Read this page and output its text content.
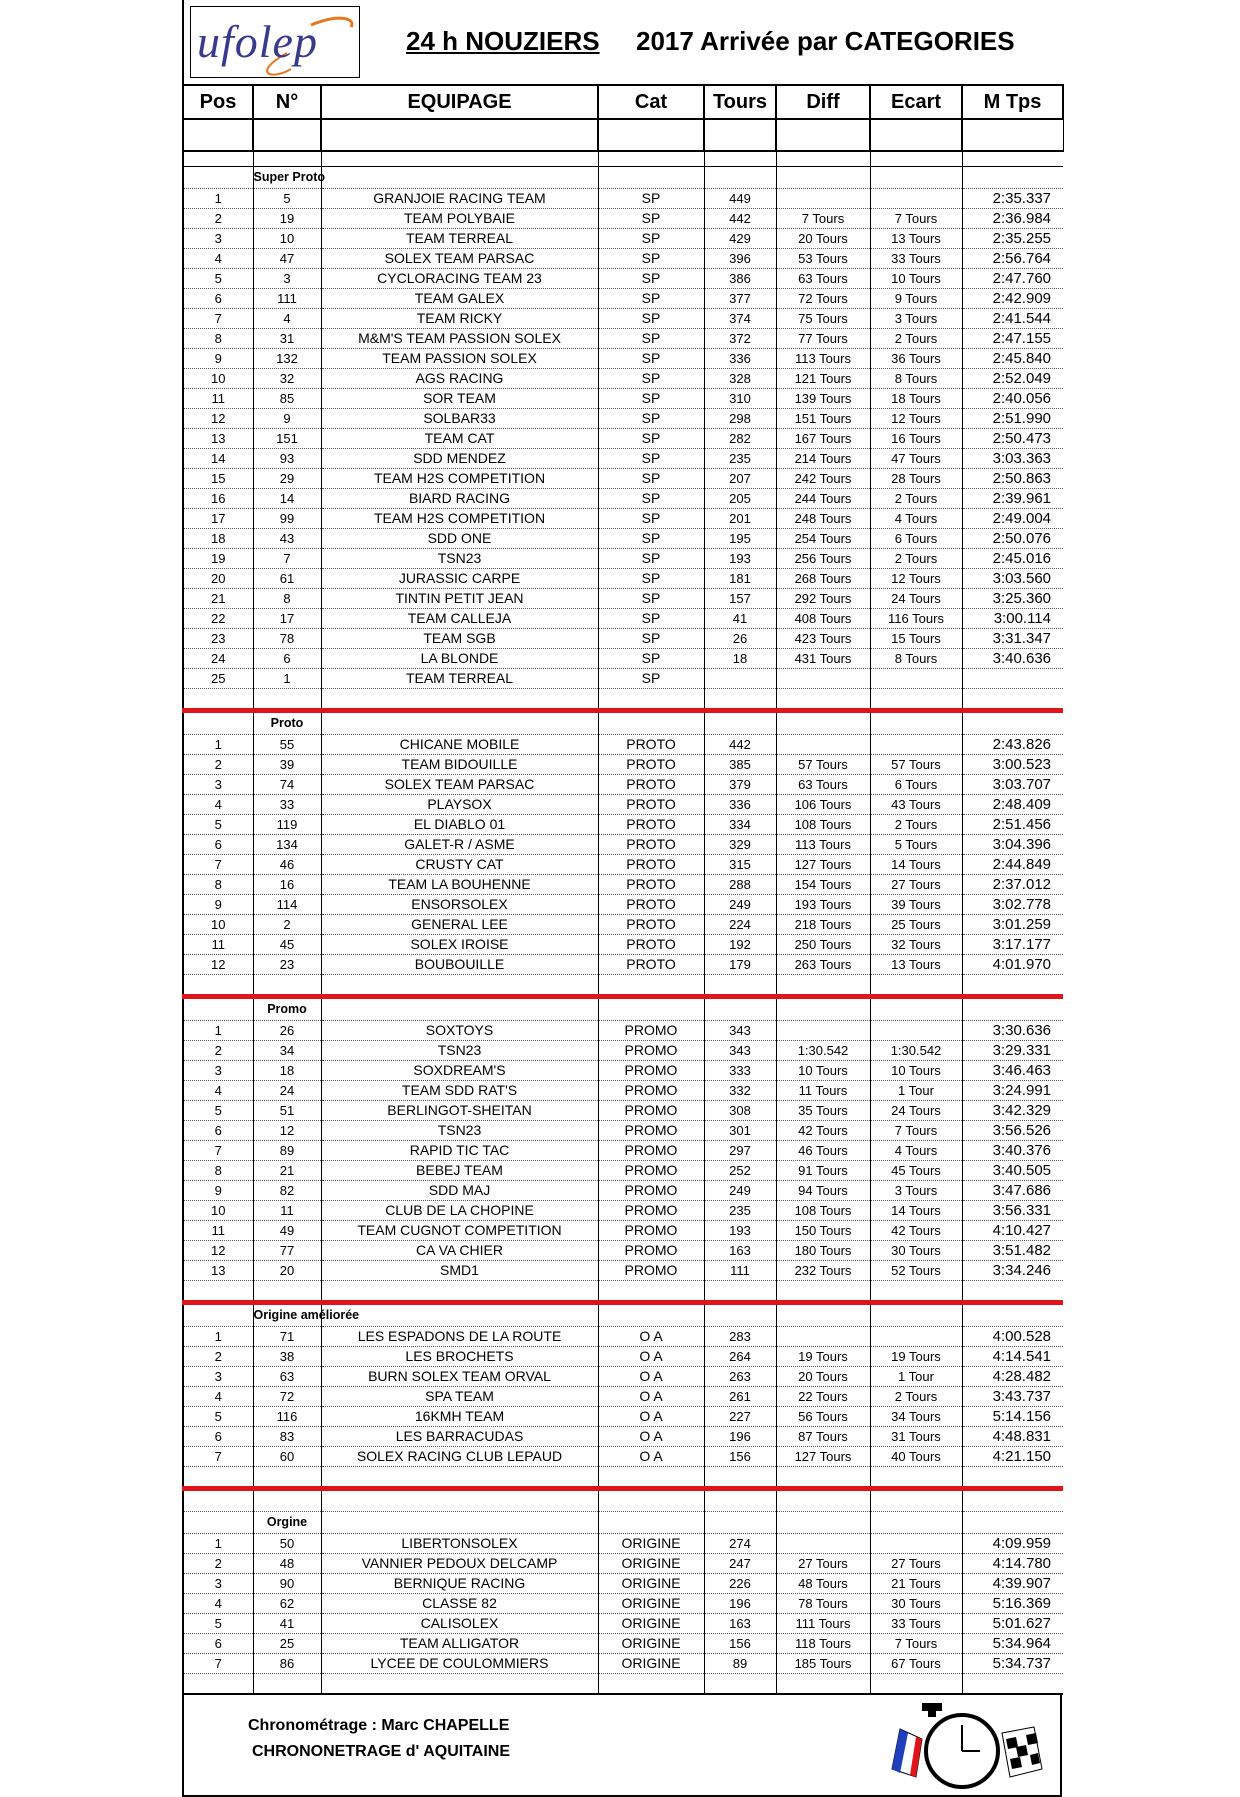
ufolep	24 h NOUZIERS 2017 Arrivée par CATEGORIES
Pos	N°	EQUIPAGE	Cat	Tours	Diff	Ecart	M Tps

	Super Proto						
1	5	GRANJOIE RACING TEAM	SP	449			2:35.337
2	19	TEAM POLYBAIE	SP	442	7 Tours	7 Tours	2:36.984
3	10	TEAM TERREAL	SP	429	20 Tours	13 Tours	2:35.255
4	47	SOLEX TEAM PARSAC	SP	396	53 Tours	33 Tours	2:56.764
5	3	CYCLORACING TEAM 23	SP	386	63 Tours	10 Tours	2:47.760
6	111	TEAM GALEX	SP	377	72 Tours	9 Tours	2:42.909
7	4	TEAM RICKY	SP	374	75 Tours	3 Tours	2:41.544
8	31	M&M'S TEAM PASSION SOLEX	SP	372	77 Tours	2 Tours	2:47.155
9	132	TEAM PASSION SOLEX	SP	336	113 Tours	36 Tours	2:45.840
10	32	AGS RACING	SP	328	121 Tours	8 Tours	2:52.049
11	85	SOR TEAM	SP	310	139 Tours	18 Tours	2:40.056
12	9	SOLBAR33	SP	298	151 Tours	12 Tours	2:51.990
13	151	TEAM CAT	SP	282	167 Tours	16 Tours	2:50.473
14	93	SDD MENDEZ	SP	235	214 Tours	47 Tours	3:03.363
15	29	TEAM H2S COMPETITION	SP	207	242 Tours	28 Tours	2:50.863
16	14	BIARD RACING	SP	205	244 Tours	2 Tours	2:39.961
17	99	TEAM H2S COMPETITION	SP	201	248 Tours	4 Tours	2:49.004
18	43	SDD ONE	SP	195	254 Tours	6 Tours	2:50.076
19	7	TSN23	SP	193	256 Tours	2 Tours	2:45.016
20	61	JURASSIC CARPE	SP	181	268 Tours	12 Tours	3:03.560
21	8	TINTIN PETIT JEAN	SP	157	292 Tours	24 Tours	3:25.360
22	17	TEAM CALLEJA	SP	41	408 Tours	116 Tours	3:00.114
23	78	TEAM SGB	SP	26	423 Tours	15 Tours	3:31.347
24	6	LA BLONDE	SP	18	431 Tours	8 Tours	3:40.636
25	1	TEAM TERREAL	SP				

	Proto						
1	55	CHICANE MOBILE	PROTO	442			2:43.826
2	39	TEAM BIDOUILLE	PROTO	385	57 Tours	57 Tours	3:00.523
3	74	SOLEX TEAM PARSAC	PROTO	379	63 Tours	6 Tours	3:03.707
4	33	PLAYSOX	PROTO	336	106 Tours	43 Tours	2:48.409
5	119	EL DIABLO 01	PROTO	334	108 Tours	2 Tours	2:51.456
6	134	GALET-R / ASME	PROTO	329	113 Tours	5 Tours	3:04.396
7	46	CRUSTY CAT	PROTO	315	127 Tours	14 Tours	2:44.849
8	16	TEAM LA BOUHENNE	PROTO	288	154 Tours	27 Tours	2:37.012
9	114	ENSORSOLEX	PROTO	249	193 Tours	39 Tours	3:02.778
10	2	GENERAL LEE	PROTO	224	218 Tours	25 Tours	3:01.259
11	45	SOLEX IROISE	PROTO	192	250 Tours	32 Tours	3:17.177
12	23	BOUBOUILLE	PROTO	179	263 Tours	13 Tours	4:01.970

	Promo						
1	26	SOXTOYS	PROMO	343			3:30.636
2	34	TSN23	PROMO	343	1:30.542	1:30.542	3:29.331
3	18	SOXDREAM'S	PROMO	333	10 Tours	10 Tours	3:46.463
4	24	TEAM SDD RAT'S	PROMO	332	11 Tours	1 Tour	3:24.991
5	51	BERLINGOT-SHEITAN	PROMO	308	35 Tours	24 Tours	3:42.329
6	12	TSN23	PROMO	301	42 Tours	7 Tours	3:56.526
7	89	RAPID TIC TAC	PROMO	297	46 Tours	4 Tours	3:40.376
8	21	BEBEJ TEAM	PROMO	252	91 Tours	45 Tours	3:40.505
9	82	SDD MAJ	PROMO	249	94 Tours	3 Tours	3:47.686
10	11	CLUB DE LA CHOPINE	PROMO	235	108 Tours	14 Tours	3:56.331
11	49	TEAM CUGNOT COMPETITION	PROMO	193	150 Tours	42 Tours	4:10.427
12	77	CA VA CHIER	PROMO	163	180 Tours	30 Tours	3:51.482
13	20	SMD1	PROMO	111	232 Tours	52 Tours	3:34.246

	Origine améliorée						
1	71	LES ESPADONS DE LA ROUTE	O A	283			4:00.528
2	38	LES BROCHETS	O A	264	19 Tours	19 Tours	4:14.541
3	63	BURN SOLEX TEAM ORVAL	O A	263	20 Tours	1 Tour	4:28.482
4	72	SPA TEAM	O A	261	22 Tours	2 Tours	3:43.737
5	116	16KMH TEAM	O A	227	56 Tours	34 Tours	5:14.156
6	83	LES BARRACUDAS	O A	196	87 Tours	31 Tours	4:48.831
7	60	SOLEX RACING CLUB LEPAUD	O A	156	127 Tours	40 Tours	4:21.150

	Orgine						
1	50	LIBERTONSOLEX	ORIGINE	274			4:09.959
2	48	VANNIER PEDOUX DELCAMP	ORIGINE	247	27 Tours	27 Tours	4:14.780
3	90	BERNIQUE RACING	ORIGINE	226	48 Tours	21 Tours	4:39.907
4	62	CLASSE 82	ORIGINE	196	78 Tours	30 Tours	5:16.369
5	41	CALISOLEX	ORIGINE	163	111 Tours	33 Tours	5:01.627
6	25	TEAM ALLIGATOR	ORIGINE	156	118 Tours	7 Tours	5:34.964
7	86	LYCEE DE COULOMMIERS	ORIGINE	89	185 Tours	67 Tours	5:34.737

Chronométrage : Marc CHAPELLE
CHRONONETRAGE d' AQUITAINE
